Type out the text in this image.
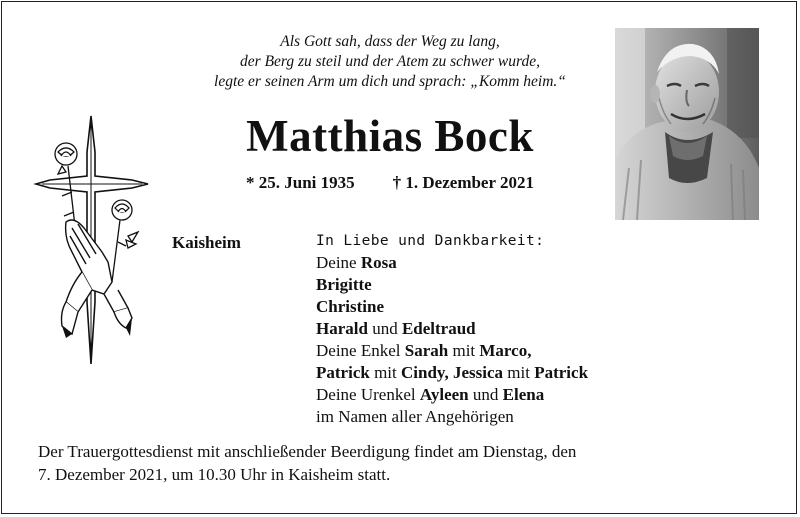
Als Gott sah, dass der Weg zu lang,
der Berg zu steil und der Atem zu schwer wurde,
legte er seinen Arm um dich und sprach: „Komm heim.“
Matthias Bock
* 25. Juni 1935 † 1. Dezember 2021
Kaisheim	In Liebe und Dankbarkeit:
Deine Rosa
Brigitte
Christine
Harald und Edeltraud
Deine Enkel Sarah mit Marco,
Patrick mit Cindy, Jessica mit Patrick
Deine Urenkel Ayleen und Elena
im Namen aller Angehörigen
Der Trauergottesdienst mit anschließender Beerdigung findet am Dienstag, den
7. Dezember 2021, um 10.30 Uhr in Kaisheim statt.
